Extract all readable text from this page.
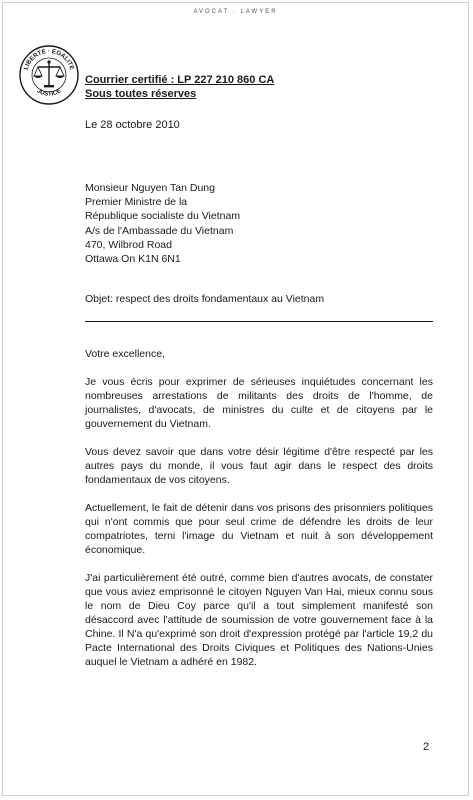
AVOCAT · LAWYER
LIBERTE · EGALITE
JUSTICE
Courrier certifié : LP 227 210 860 CA
Sous toutes réserves
Le 28 octobre 2010
Monsieur Nguyen Tan Dung
Premier Ministre de la
République socialiste du Vietnam
A/s de l'Ambassade du Vietnam
470, Wilbrod Road
Ottawa On K1N 6N1
Objet: respect des droits fondamentaux au Vietnam

Votre excellence,

Je vous écris pour exprimer de sérieuses inquiétudes concernant les nombreuses arrestations de militants des droits de l'homme, de journalistes, d'avocats, de ministres du culte et de citoyens par le gouvernement du Vietnam.

Vous devez savoir que dans votre désir légitime d'être respecté par les autres pays du monde, il vous faut agir dans le respect des droits fondamentaux de vos citoyens.

Actuellement, le fait de détenir dans vos prisons des prisonniers politiques qui n'ont commis que pour seul crime de défendre les droits de leur compatriotes, terni l'image du Vietnam et nuit à son développement économique.

J'ai particulièrement été outré, comme bien d'autres avocats, de constater que vous aviez emprisonné le citoyen Nguyen Van Hai, mieux connu sous le nom de Dieu Coy parce qu'il a tout simplement manifesté son désaccord avec l'attitude de soumission de votre gouvernement face à la Chine. Il N'a qu'exprimé son droit d'expression protégé par l'article 19,2 du Pacte International des Droits Civiques et Politiques des Nations-Unies auquel le Vietnam a adhéré en 1982.

2
